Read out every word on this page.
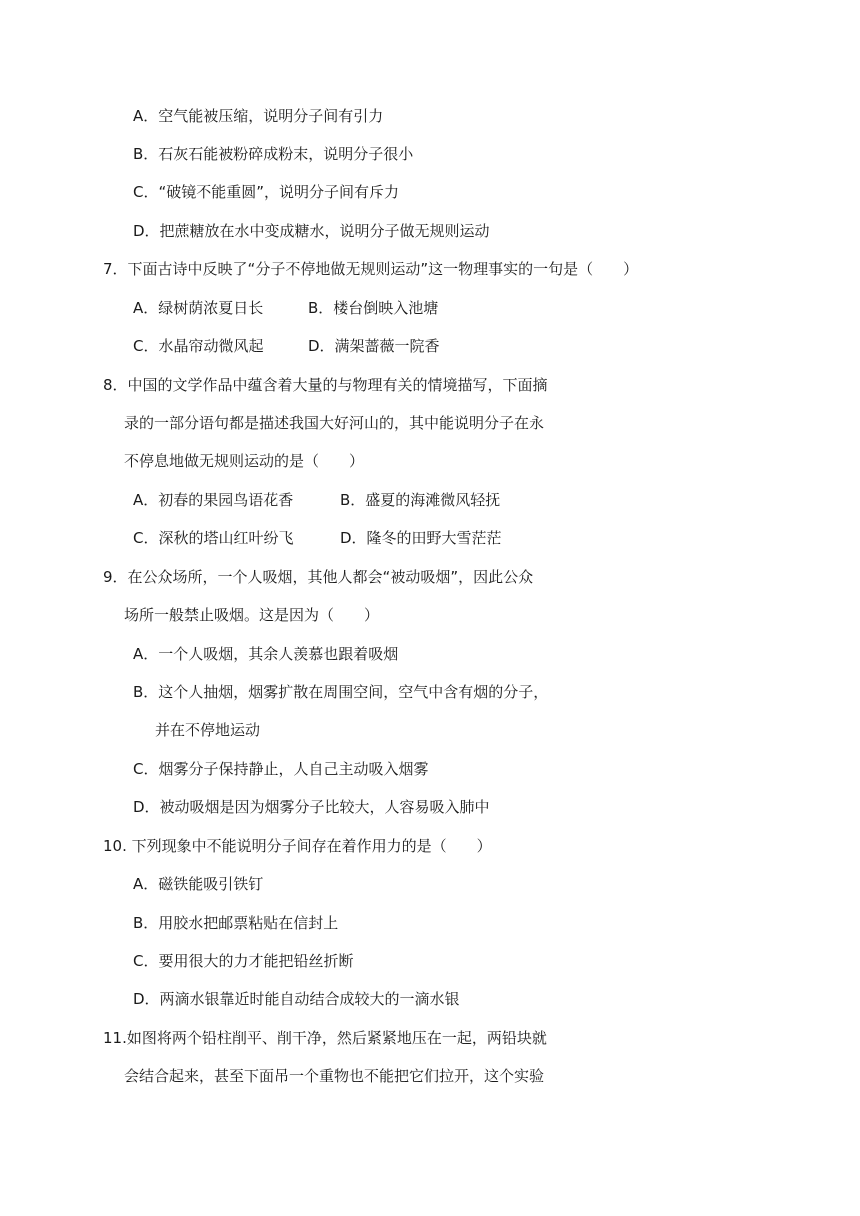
A．空气能被压缩，说明分子间有引力
B．石灰石能被粉碎成粉末，说明分子很小
C．“破镜不能重圆”，说明分子间有斥力
D．把蔗糖放在水中变成糖水，说明分子做无规则运动
7．下面古诗中反映了“分子不停地做无规则运动”这一物理事实的一句是（　　）
A．绿树荫浓夏日长	B．楼台倒映入池塘
C．水晶帘动微风起	D．满架蔷薇一院香
8．中国的文学作品中蕴含着大量的与物理有关的情境描写，下面摘
录的一部分语句都是描述我国大好河山的，其中能说明分子在永
不停息地做无规则运动的是（　　）
A．初春的果园鸟语花香	B．盛夏的海滩微风轻抚
C．深秋的塔山红叶纷飞	D．隆冬的田野大雪茫茫
9．在公众场所，一个人吸烟，其他人都会“被动吸烟”，因此公众
场所一般禁止吸烟。这是因为（　　）
A．一个人吸烟，其余人羡慕也跟着吸烟
B．这个人抽烟，烟雾扩散在周围空间，空气中含有烟的分子，
并在不停地运动
C．烟雾分子保持静止，人自己主动吸入烟雾
D．被动吸烟是因为烟雾分子比较大，人容易吸入肺中
10. 下列现象中不能说明分子间存在着作用力的是（　　）
A．磁铁能吸引铁钉
B．用胶水把邮票粘贴在信封上
C．要用很大的力才能把铅丝折断
D．两滴水银靠近时能自动结合成较大的一滴水银
11.如图将两个铅柱削平、削干净，然后紧紧地压在一起，两铅块就
会结合起来，甚至下面吊一个重物也不能把它们拉开，这个实验
